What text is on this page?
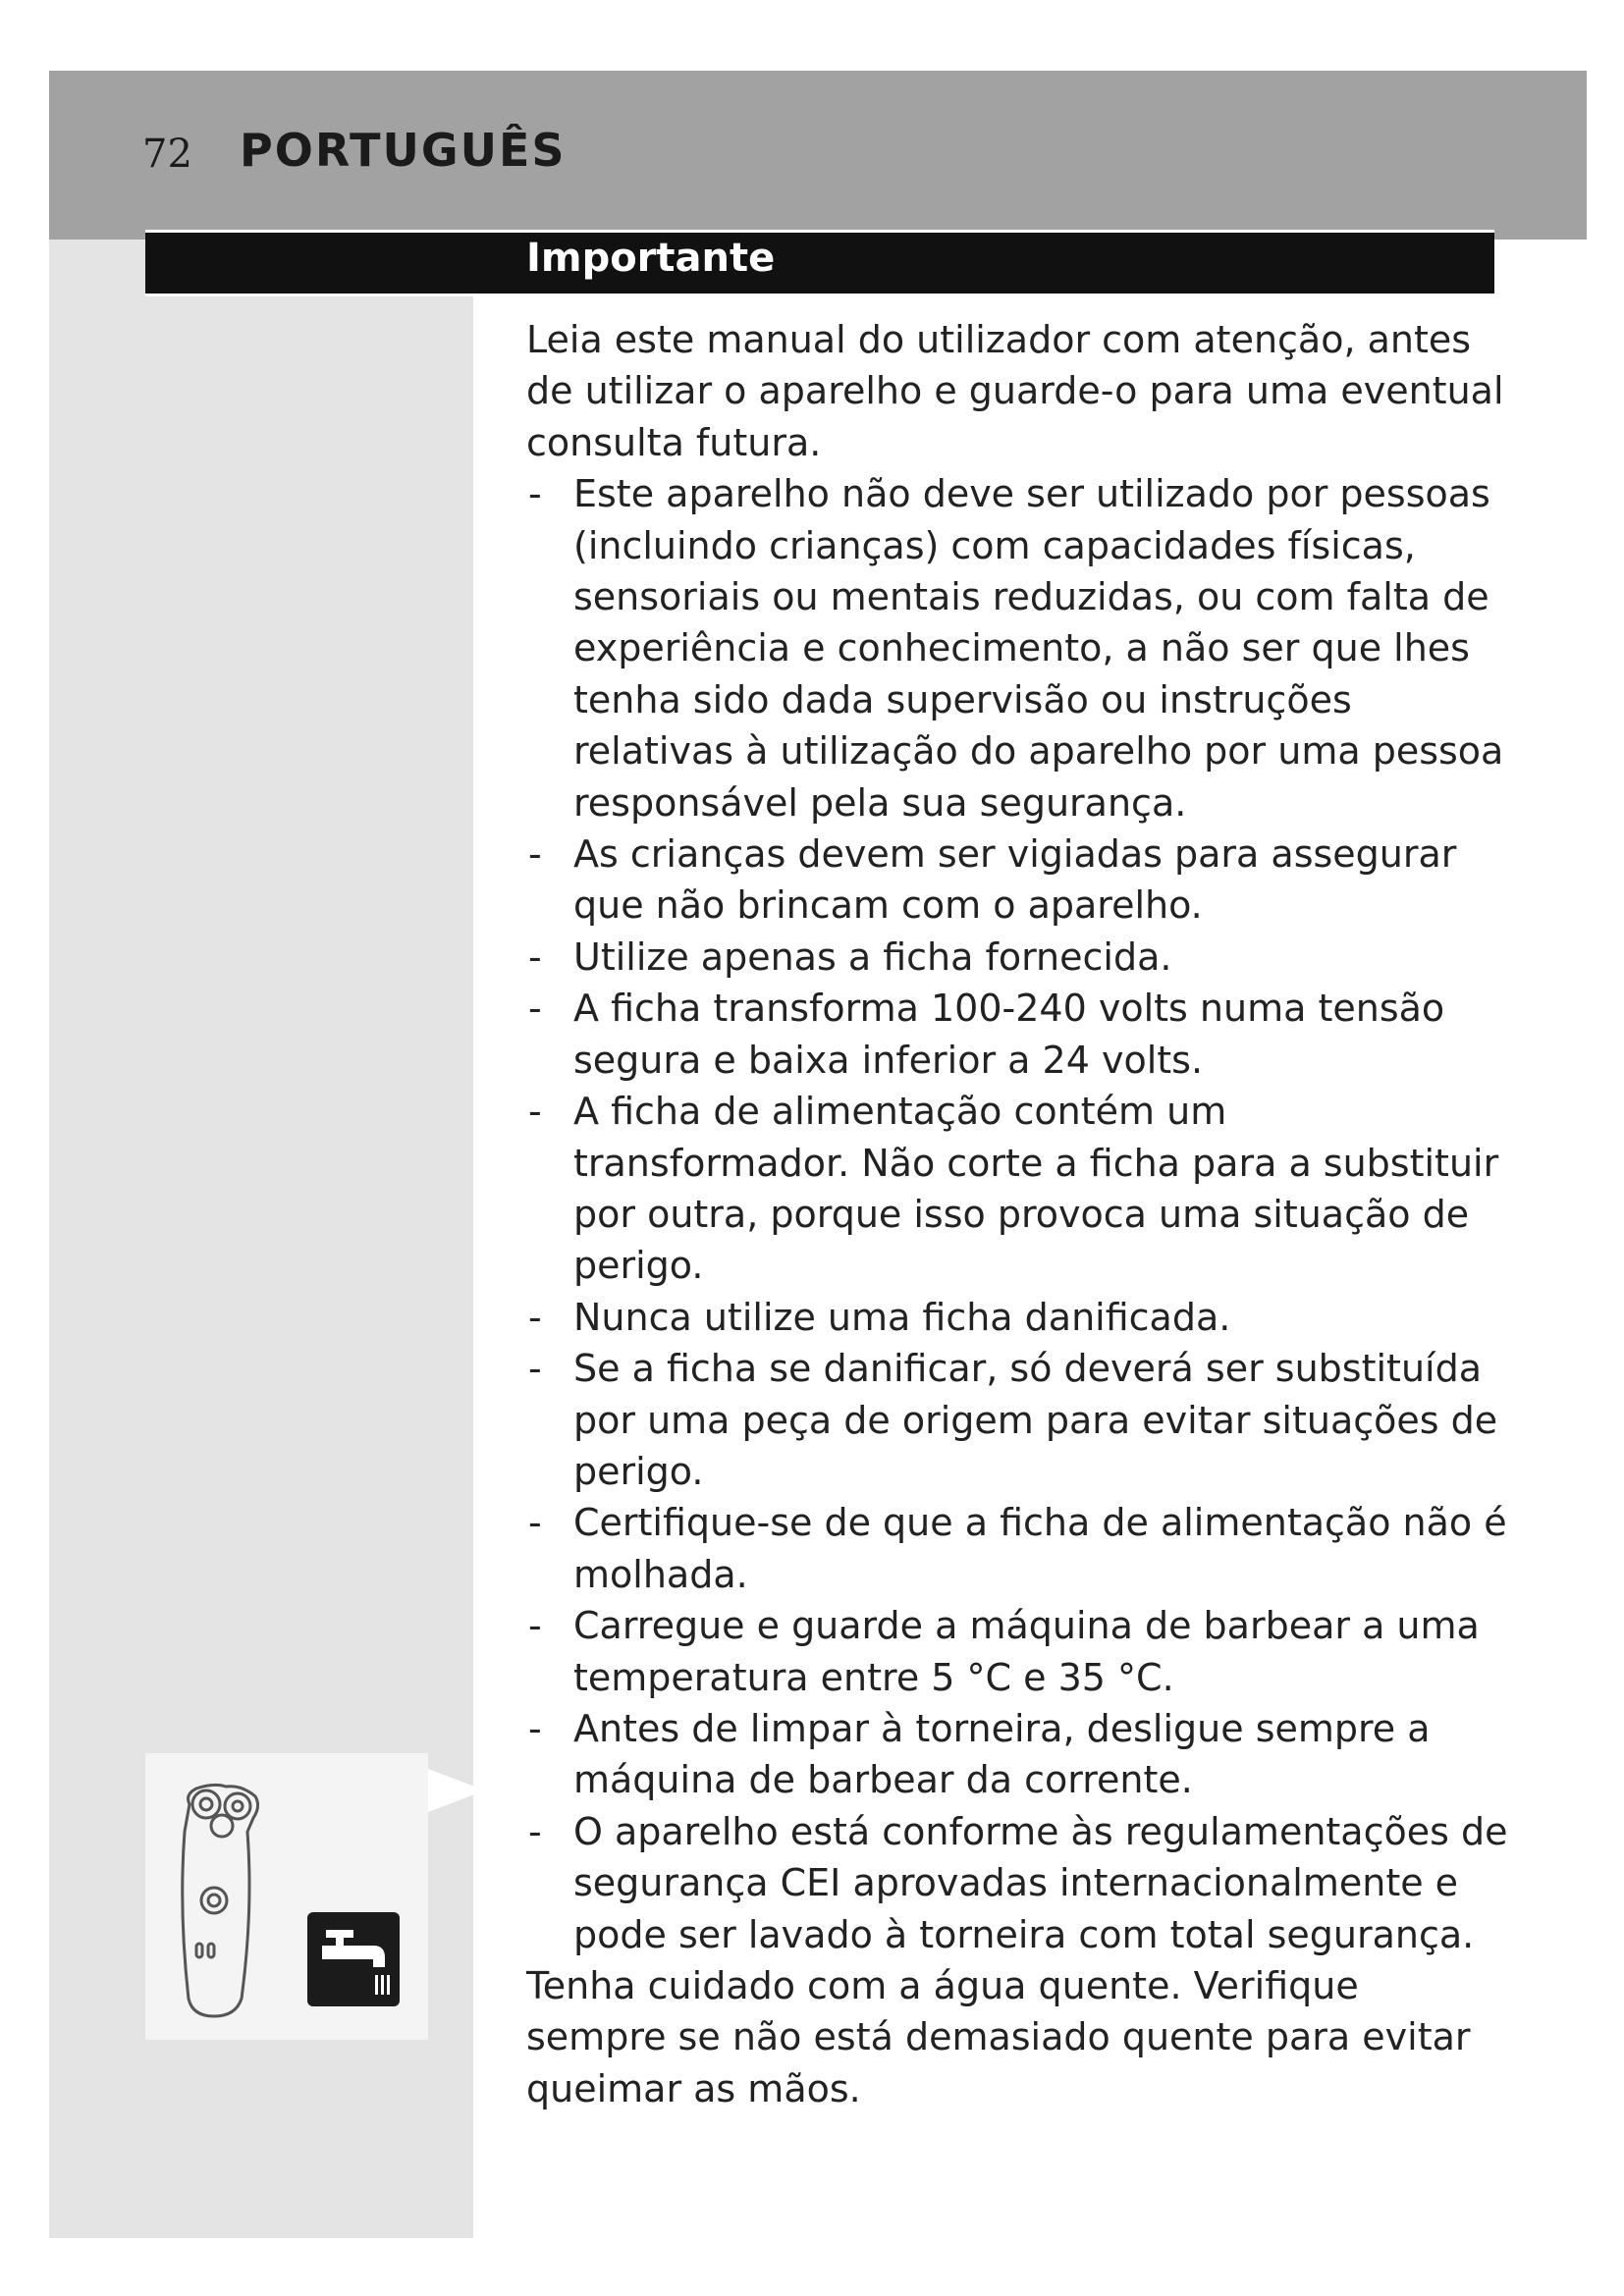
72 PORTUGUÊS
Importante

Leia este manual do utilizador com atenção, antes de utilizar o aparelho e guarde-o para uma eventual consulta futura.

- Este aparelho não deve ser utilizado por pessoas (incluindo crianças) com capacidades físicas, sensoriais ou mentais reduzidas, ou com falta de experiência e conhecimento, a não ser que lhes tenha sido dada supervisão ou instruções relativas à utilização do aparelho por uma pessoa responsável pela sua segurança.
- As crianças devem ser vigiadas para assegurar que não brincam com o aparelho.
- Utilize apenas a ficha fornecida.
- A ficha transforma 100-240 volts numa tensão segura e baixa inferior a 24 volts.
- A ficha de alimentação contém um transformador. Não corte a ficha para a substituir por outra, porque isso provoca uma situação de perigo.
- Nunca utilize uma ficha danificada.
- Se a ficha se danificar, só deverá ser substituída por uma peça de origem para evitar situações de perigo.
- Certifique-se de que a ficha de alimentação não é molhada.
- Carregue e guarde a máquina de barbear a uma temperatura entre 5 °C e 35 °C.
- Antes de limpar à torneira, desligue sempre a máquina de barbear da corrente.
- O aparelho está conforme às regulamentações de segurança CEI aprovadas internacionalmente e pode ser lavado à torneira com total segurança.

Tenha cuidado com a água quente. Verifique sempre se não está demasiado quente para evitar queimar as mãos.
